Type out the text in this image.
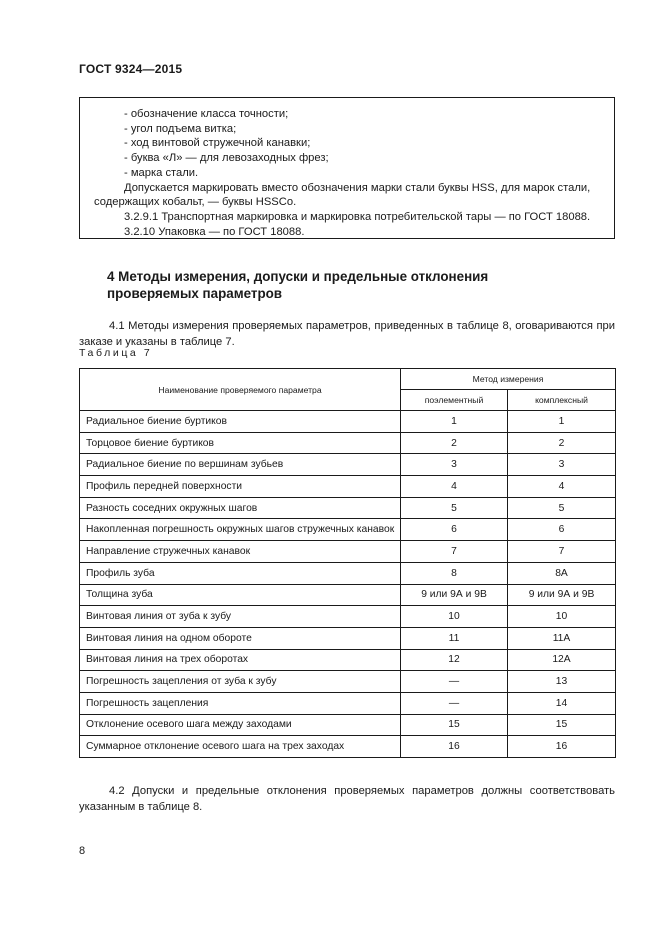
ГОСТ 9324—2015

- обозначение класса точности;

- угол подъема витка;

- ход винтовой стружечной канавки;

- буква «Л» — для левозаходных фрез;

- марка стали.

Допускается маркировать вместо обозначения марки стали буквы HSS, для марок стали, содержащих кобальт, — буквы HSSCo.

3.2.9.1 Транспортная маркировка и маркировка потребительской тары — по ГОСТ 18088.

3.2.10 Упаковка — по ГОСТ 18088.

4 Методы измерения, допуски и предельные отклонения
проверяемых параметров

4.1 Методы измерения проверяемых параметров, приведенных в таблице 8, оговариваются при заказе и указаны в таблице 7.

Таблица 7
Наименование проверяемого параметра	Метод измерения	
	поэлементный	комплексный
Радиальное биение буртиков	1	1
Торцовое биение буртиков	2	2
Радиальное биение по вершинам зубьев	3	3
Профиль передней поверхности	4	4
Разность соседних окружных шагов	5	5
Накопленная погрешность окружных шагов стружечных канавок	6	6
Направление стружечных канавок	7	7
Профиль зуба	8	8А
Толщина зуба	9 или 9А и 9В	9 или 9А и 9В
Винтовая линия от зуба к зубу	10	10
Винтовая линия на одном обороте	11	11А
Винтовая линия на трех оборотах	12	12А
Погрешность зацепления от зуба к зубу	—	13
Погрешность зацепления	—	14
Отклонение осевого шага между заходами	15	15
Суммарное отклонение осевого шага на трех заходах	16	16

4.2 Допуски и предельные отклонения проверяемых параметров должны соответствовать указанным в таблице 8.

8
